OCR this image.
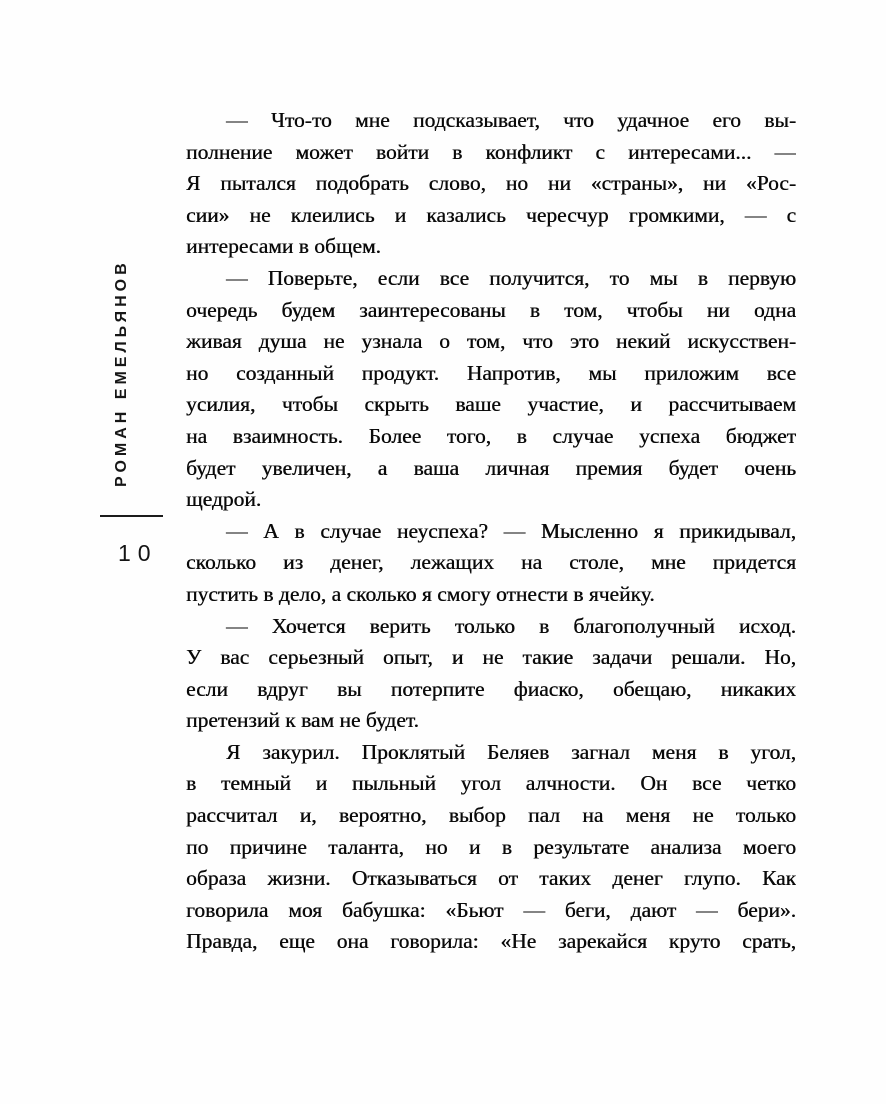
РОМАН ЕМЕЛЬЯНОВ
10
— Что-то мне подсказывает, что удачное его вы-
полнение может войти в конфликт с интересами... —
Я пытался подобрать слово, но ни «страны», ни «Рос-
сии» не клеились и казались чересчур громкими, — с
интересами в общем.
— Поверьте, если все получится, то мы в первую
очередь будем заинтересованы в том, чтобы ни одна
живая душа не узнала о том, что это некий искусствен-
но созданный продукт. Напротив, мы приложим все
усилия, чтобы скрыть ваше участие, и рассчитываем
на взаимность. Более того, в случае успеха бюджет
будет увеличен, а ваша личная премия будет очень
щедрой.
— А в случае неуспеха? — Мысленно я прикидывал,
сколько из денег, лежащих на столе, мне придется
пустить в дело, а сколько я смогу отнести в ячейку.
— Хочется верить только в благополучный исход.
У вас серьезный опыт, и не такие задачи решали. Но,
если вдруг вы потерпите фиаско, обещаю, никаких
претензий к вам не будет.
Я закурил. Проклятый Беляев загнал меня в угол,
в темный и пыльный угол алчности. Он все четко
рассчитал и, вероятно, выбор пал на меня не только
по причине таланта, но и в результате анализа моего
образа жизни. Отказываться от таких денег глупо. Как
говорила моя бабушка: «Бьют — беги, дают — бери».
Правда, еще она говорила: «Не зарекайся круто срать,
